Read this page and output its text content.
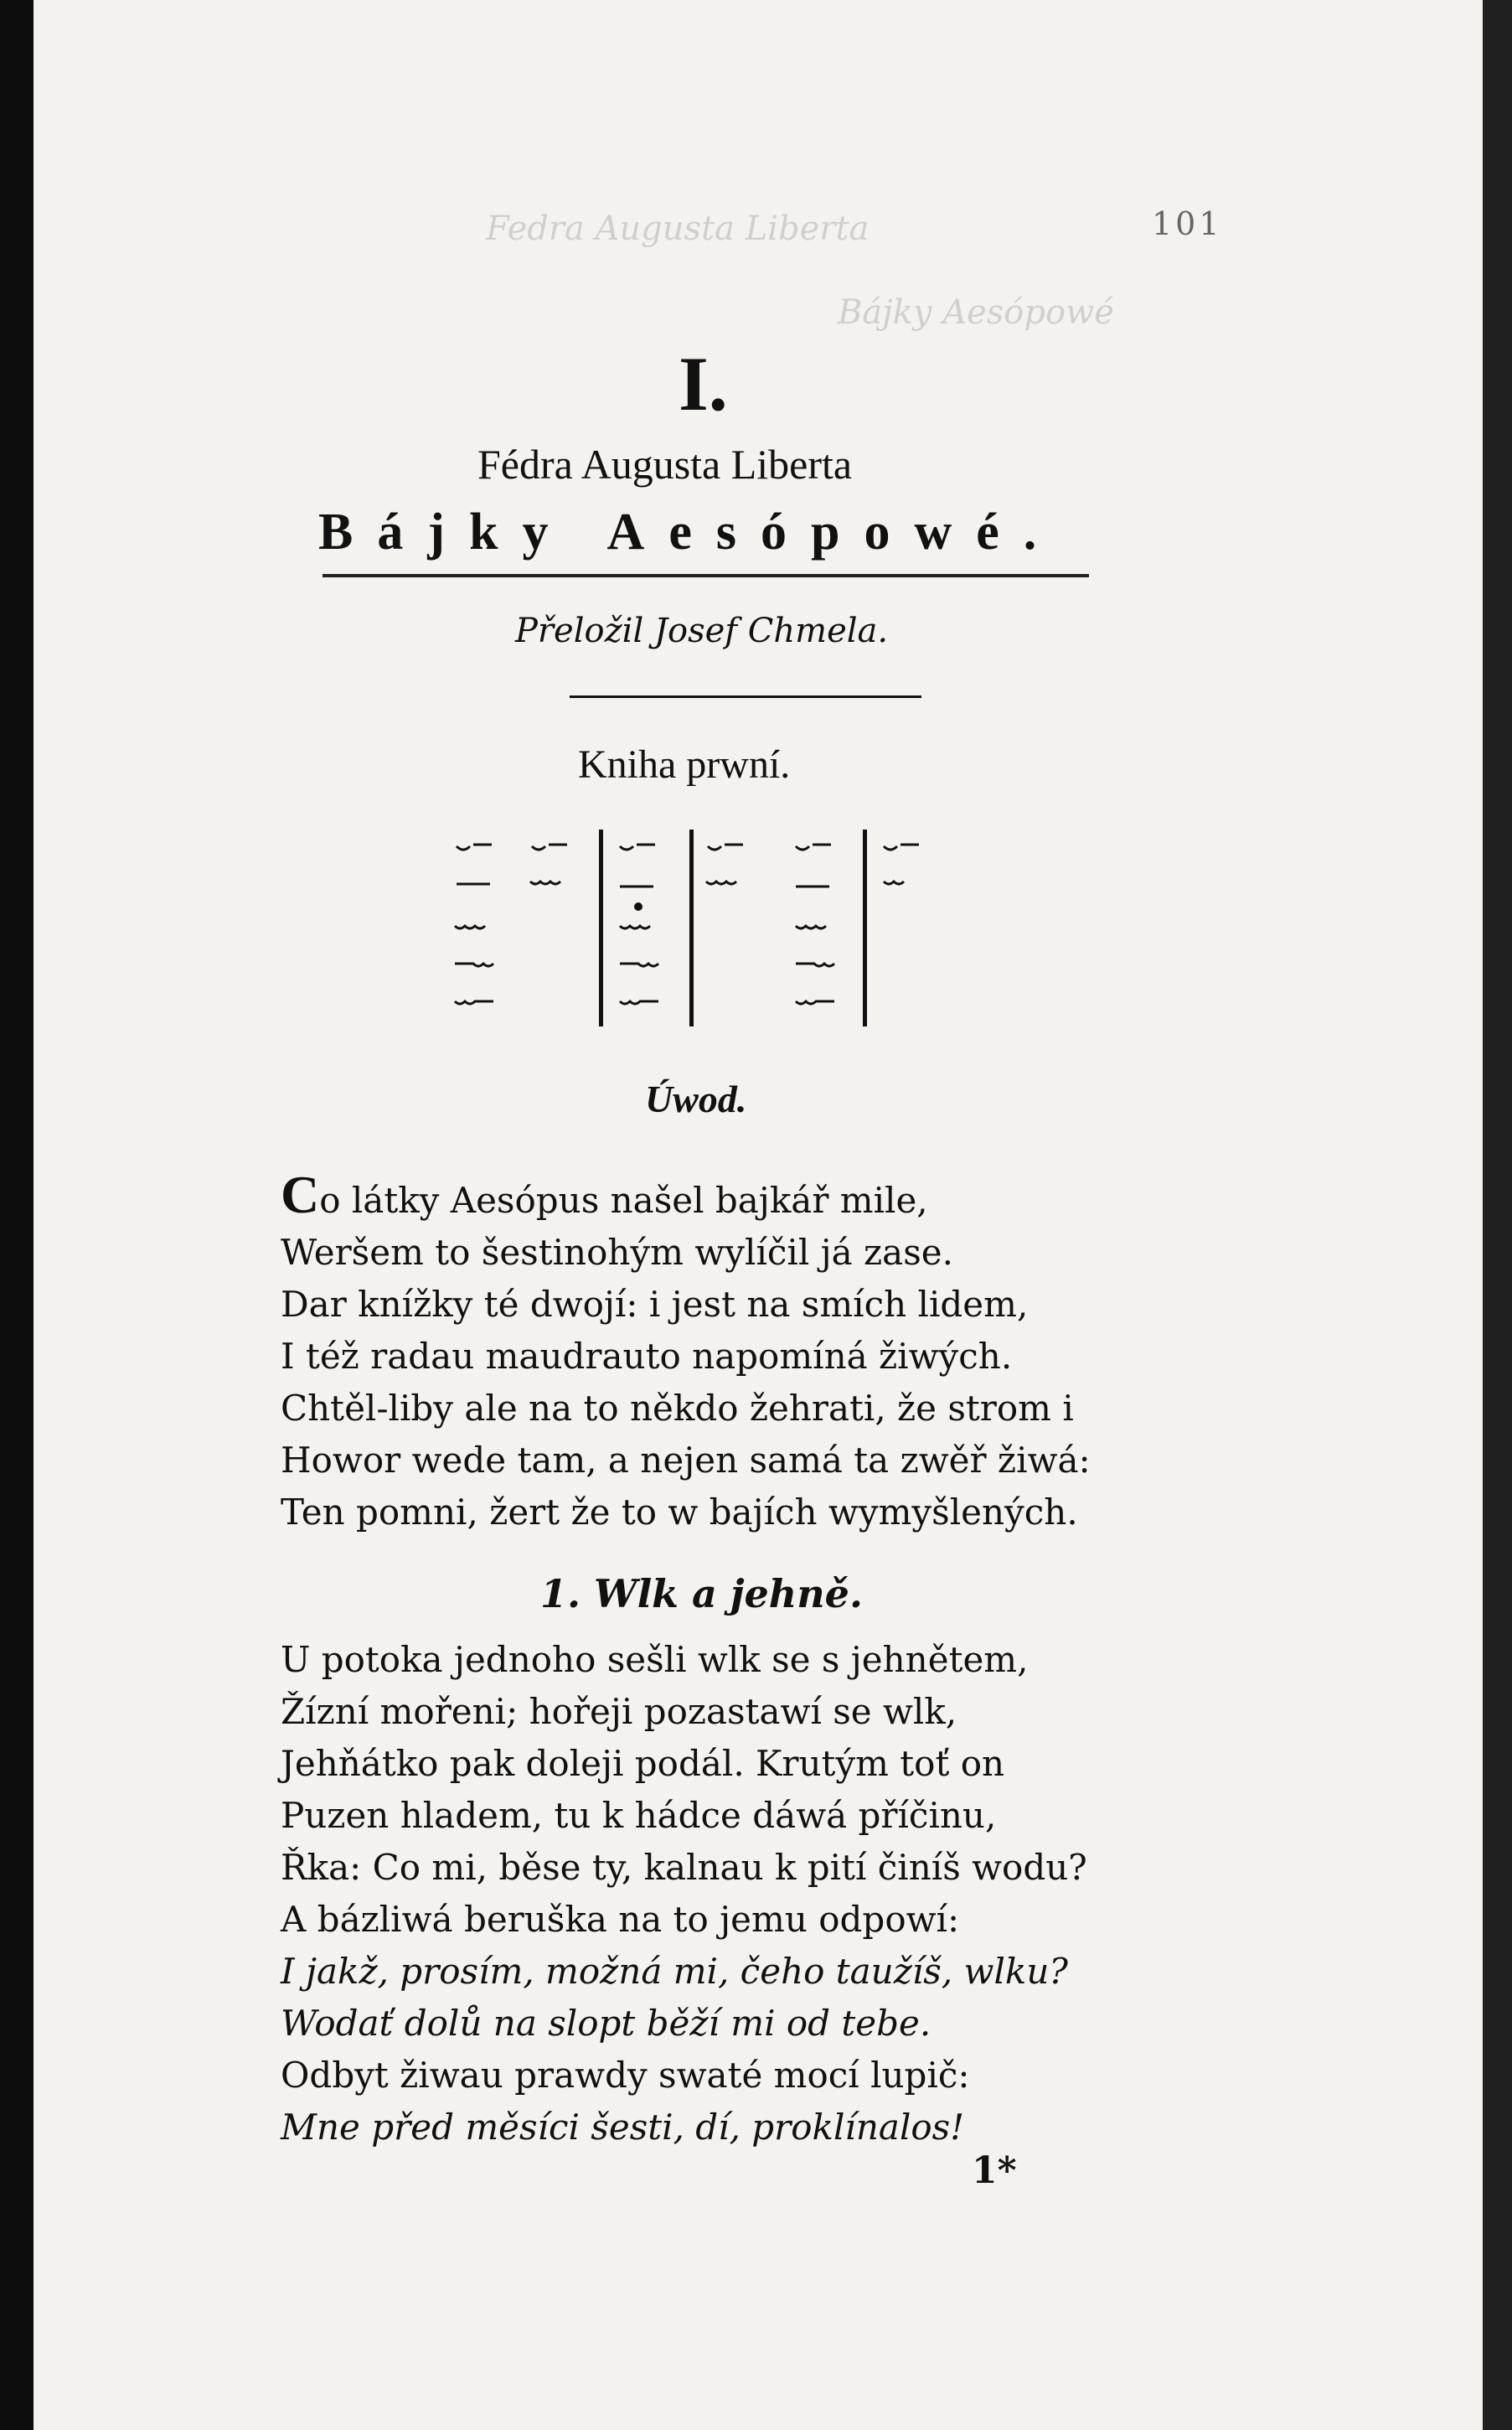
Fedra Augusta Liberta
Bájky Aesópowé
101
I.
Fédra Augusta Liberta
Bájky Aesópowé.
Přeložil Josef Chmela.
Kniha prwní.
Úwod.

Co látky Aesópus našel bajkář mile,

Weršem to šestinohým wylíčil já zase.

Dar knížky té dwojí: i jest na smích lidem,

I též radau maudrauto napomíná žiwých.

Chtěl-liby ale na to někdo žehrati, že strom i

Howor wede tam, a nejen samá ta zwěř žiwá:

Ten pomni, žert že to w bajích wymyšlených.

1. Wlk a jehně.

U potoka jednoho sešli wlk se s jehnětem,

Žízní mořeni; hořeji pozastawí se wlk,

Jehňátko pak doleji podál. Krutým toť on

Puzen hladem, tu k hádce dáwá příčinu,

Řka: Co mi, běse ty, kalnau k pití činíš wodu?

A bázliwá beruška na to jemu odpowí:

I jakž, prosím, možná mi, čeho taužíš, wlku?

Wodať dolů na slopt běží mi od tebe.

Odbyt žiwau prawdy swaté mocí lupič:

Mne před měsíci šesti, dí, proklínalos!

1*
